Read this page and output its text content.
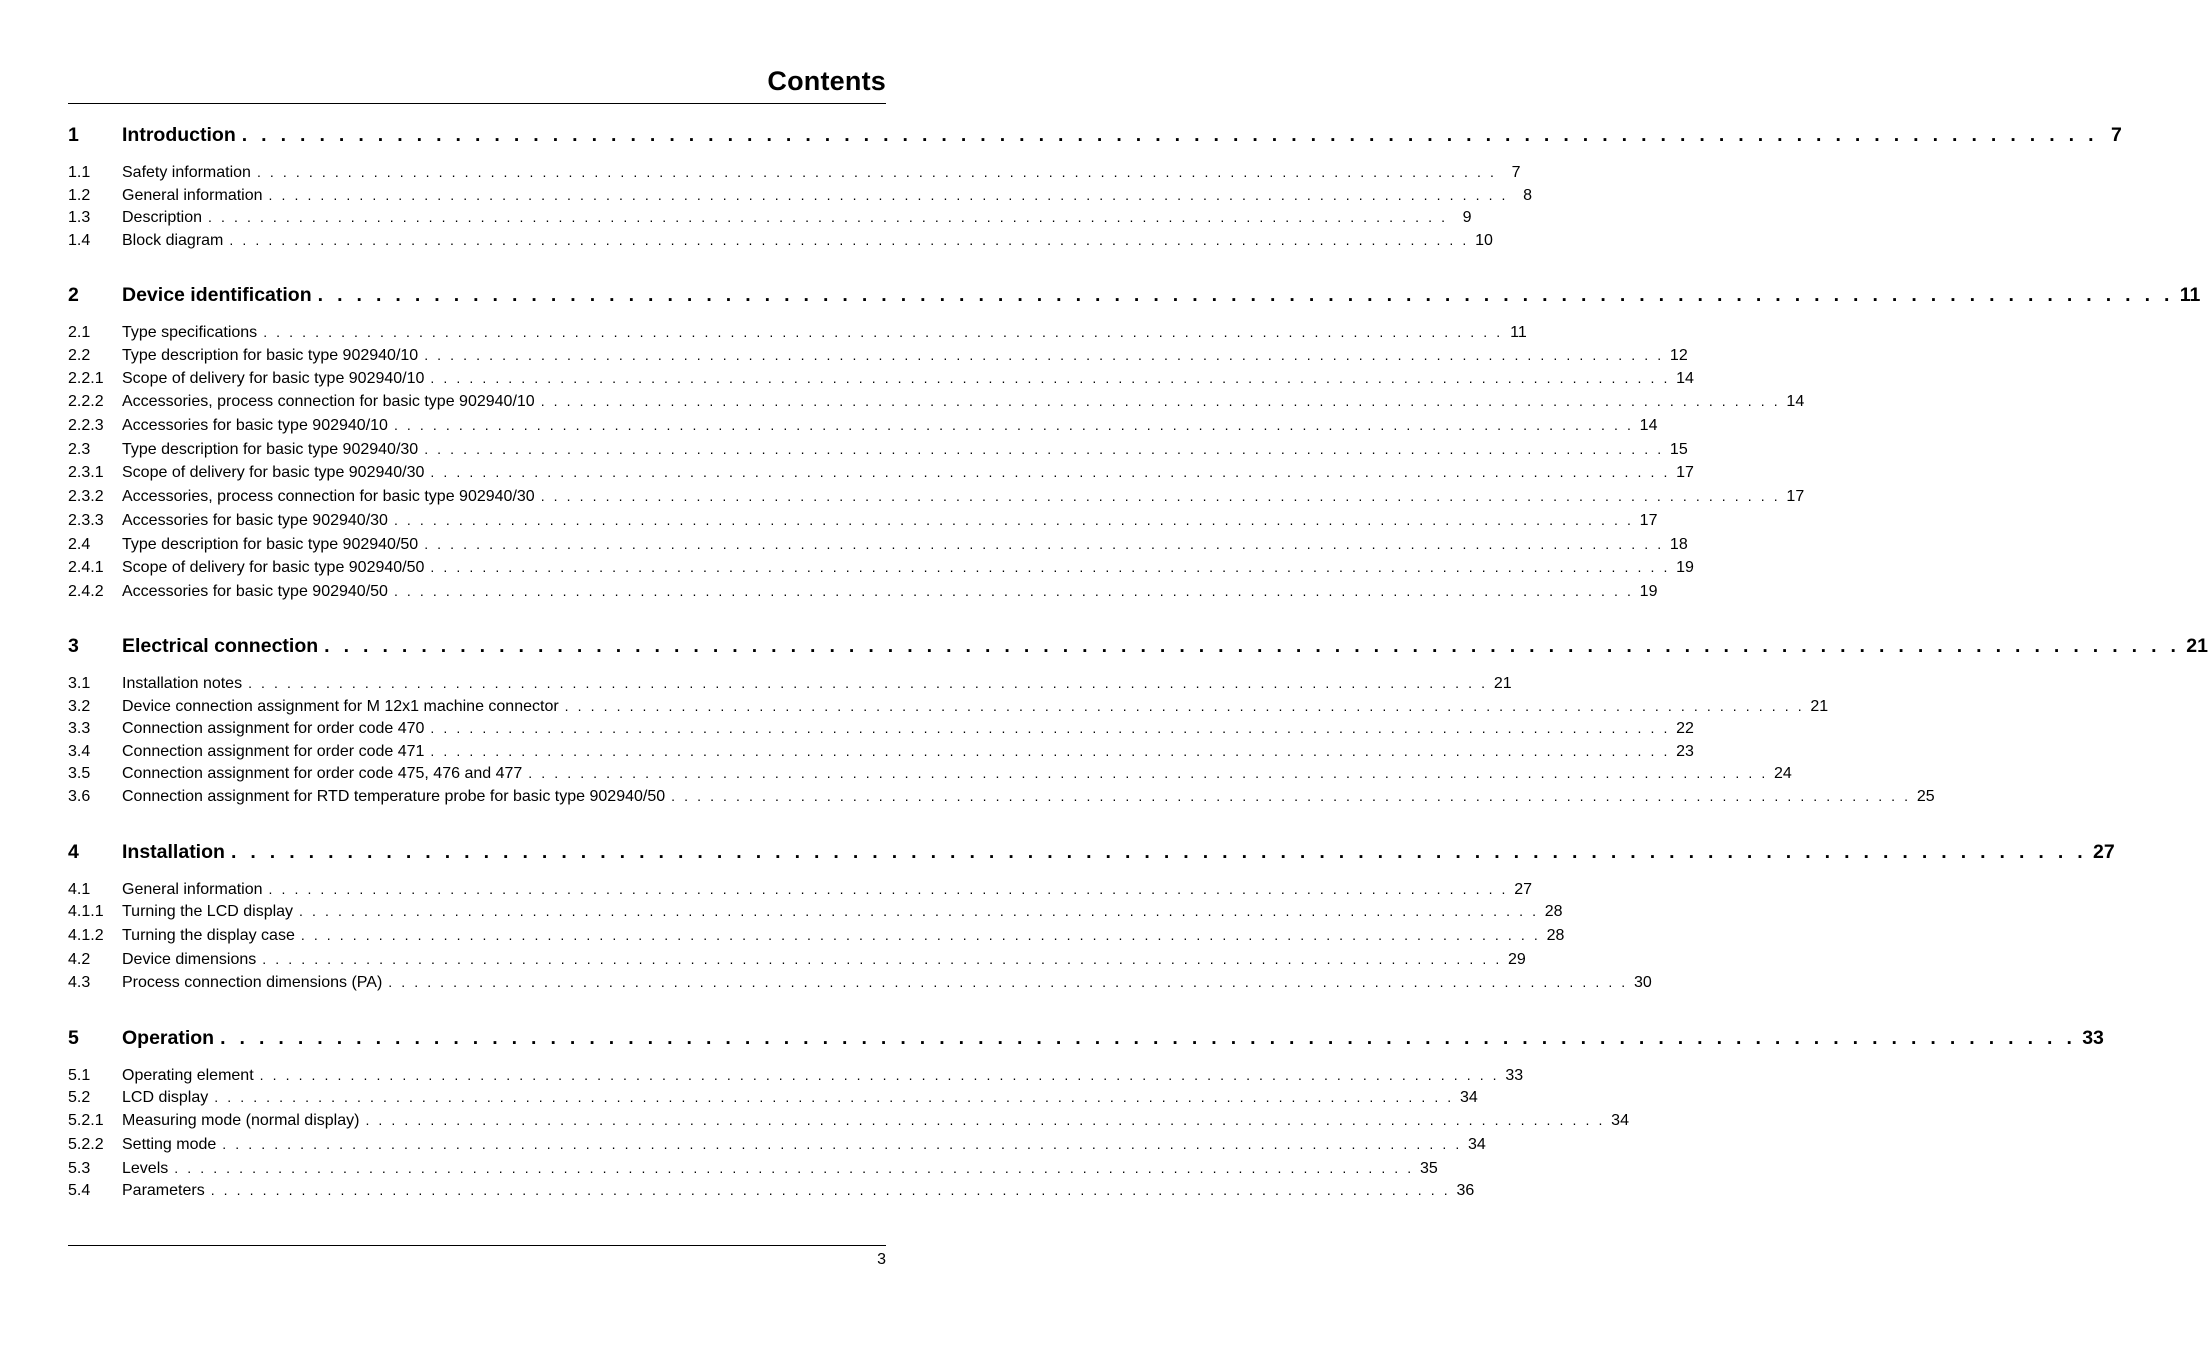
Contents
1	Introduction . . . . . . . . . . . . . . . . . . . . . . . . . . . . . . . . . . . . . . . . . . . . . . . . . . . . . . . . . . . . . . . . . . . . . . . . . . . . . . . . . . . . . . . . . . . . . . . . 7
1.1	Safety information . . . . . . . . . . . . . . . . . . . . . . . . . . . . . . . . . . . . . . . . . . . . . . . . . . . . . . . . . . . . . . . . . . . . . . . . . . . . . . . . . . . . . . . . . . . . . . . . 7
1.2	General information . . . . . . . . . . . . . . . . . . . . . . . . . . . . . . . . . . . . . . . . . . . . . . . . . . . . . . . . . . . . . . . . . . . . . . . . . . . . . . . . . . . . . . . . . . . . . . . . 8
1.3	Description . . . . . . . . . . . . . . . . . . . . . . . . . . . . . . . . . . . . . . . . . . . . . . . . . . . . . . . . . . . . . . . . . . . . . . . . . . . . . . . . . . . . . . . . . . . . . . . . 9
1.4	Block diagram . . . . . . . . . . . . . . . . . . . . . . . . . . . . . . . . . . . . . . . . . . . . . . . . . . . . . . . . . . . . . . . . . . . . . . . . . . . . . . . . . . . . . . . . . . . . . . . . 10
2	Device identification . . . . . . . . . . . . . . . . . . . . . . . . . . . . . . . . . . . . . . . . . . . . . . . . . . . . . . . . . . . . . . . . . . . . . . . . . . . . . . . . . . . . . . . . . . . . . . . . 11
2.1	Type specifications . . . . . . . . . . . . . . . . . . . . . . . . . . . . . . . . . . . . . . . . . . . . . . . . . . . . . . . . . . . . . . . . . . . . . . . . . . . . . . . . . . . . . . . . . . . . . . . . 11
2.2	Type description for basic type 902940/10 . . . . . . . . . . . . . . . . . . . . . . . . . . . . . . . . . . . . . . . . . . . . . . . . . . . . . . . . . . . . . . . . . . . . . . . . . . . . . . . . . . . . . . . . . . . . . . . . 12
2.2.1	Scope of delivery for basic type 902940/10 . . . . . . . . . . . . . . . . . . . . . . . . . . . . . . . . . . . . . . . . . . . . . . . . . . . . . . . . . . . . . . . . . . . . . . . . . . . . . . . . . . . . . . . . . . . . . . . . 14
2.2.2	Accessories, process connection for basic type 902940/10 . . . . . . . . . . . . . . . . . . . . . . . . . . . . . . . . . . . . . . . . . . . . . . . . . . . . . . . . . . . . . . . . . . . . . . . . . . . . . . . . . . . . . . . . . . . . . . . . 14
2.2.3	Accessories for basic type 902940/10 . . . . . . . . . . . . . . . . . . . . . . . . . . . . . . . . . . . . . . . . . . . . . . . . . . . . . . . . . . . . . . . . . . . . . . . . . . . . . . . . . . . . . . . . . . . . . . . . 14
2.3	Type description for basic type 902940/30 . . . . . . . . . . . . . . . . . . . . . . . . . . . . . . . . . . . . . . . . . . . . . . . . . . . . . . . . . . . . . . . . . . . . . . . . . . . . . . . . . . . . . . . . . . . . . . . . 15
2.3.1	Scope of delivery for basic type 902940/30 . . . . . . . . . . . . . . . . . . . . . . . . . . . . . . . . . . . . . . . . . . . . . . . . . . . . . . . . . . . . . . . . . . . . . . . . . . . . . . . . . . . . . . . . . . . . . . . . 17
2.3.2	Accessories, process connection for basic type 902940/30 . . . . . . . . . . . . . . . . . . . . . . . . . . . . . . . . . . . . . . . . . . . . . . . . . . . . . . . . . . . . . . . . . . . . . . . . . . . . . . . . . . . . . . . . . . . . . . . . 17
2.3.3	Accessories for basic type 902940/30 . . . . . . . . . . . . . . . . . . . . . . . . . . . . . . . . . . . . . . . . . . . . . . . . . . . . . . . . . . . . . . . . . . . . . . . . . . . . . . . . . . . . . . . . . . . . . . . . 17
2.4	Type description for basic type 902940/50 . . . . . . . . . . . . . . . . . . . . . . . . . . . . . . . . . . . . . . . . . . . . . . . . . . . . . . . . . . . . . . . . . . . . . . . . . . . . . . . . . . . . . . . . . . . . . . . . 18
2.4.1	Scope of delivery for basic type 902940/50 . . . . . . . . . . . . . . . . . . . . . . . . . . . . . . . . . . . . . . . . . . . . . . . . . . . . . . . . . . . . . . . . . . . . . . . . . . . . . . . . . . . . . . . . . . . . . . . . 19
2.4.2	Accessories for basic type 902940/50 . . . . . . . . . . . . . . . . . . . . . . . . . . . . . . . . . . . . . . . . . . . . . . . . . . . . . . . . . . . . . . . . . . . . . . . . . . . . . . . . . . . . . . . . . . . . . . . . 19
3	Electrical connection . . . . . . . . . . . . . . . . . . . . . . . . . . . . . . . . . . . . . . . . . . . . . . . . . . . . . . . . . . . . . . . . . . . . . . . . . . . . . . . . . . . . . . . . . . . . . . . . 21
3.1	Installation notes . . . . . . . . . . . . . . . . . . . . . . . . . . . . . . . . . . . . . . . . . . . . . . . . . . . . . . . . . . . . . . . . . . . . . . . . . . . . . . . . . . . . . . . . . . . . . . . . 21
3.2	Device connection assignment for M 12x1 machine connector . . . . . . . . . . . . . . . . . . . . . . . . . . . . . . . . . . . . . . . . . . . . . . . . . . . . . . . . . . . . . . . . . . . . . . . . . . . . . . . . . . . . . . . . . . . . . . . . 21
3.3	Connection assignment for order code 470 . . . . . . . . . . . . . . . . . . . . . . . . . . . . . . . . . . . . . . . . . . . . . . . . . . . . . . . . . . . . . . . . . . . . . . . . . . . . . . . . . . . . . . . . . . . . . . . . 22
3.4	Connection assignment for order code 471 . . . . . . . . . . . . . . . . . . . . . . . . . . . . . . . . . . . . . . . . . . . . . . . . . . . . . . . . . . . . . . . . . . . . . . . . . . . . . . . . . . . . . . . . . . . . . . . . 23
3.5	Connection assignment for order code 475, 476 and 477 . . . . . . . . . . . . . . . . . . . . . . . . . . . . . . . . . . . . . . . . . . . . . . . . . . . . . . . . . . . . . . . . . . . . . . . . . . . . . . . . . . . . . . . . . . . . . . . . 24
3.6	Connection assignment for RTD temperature probe for basic type 902940/50 . . . . . . . . . . . . . . . . . . . . . . . . . . . . . . . . . . . . . . . . . . . . . . . . . . . . . . . . . . . . . . . . . . . . . . . . . . . . . . . . . . . . . . . . . . . . . . . . 25
4	Installation . . . . . . . . . . . . . . . . . . . . . . . . . . . . . . . . . . . . . . . . . . . . . . . . . . . . . . . . . . . . . . . . . . . . . . . . . . . . . . . . . . . . . . . . . . . . . . . . 27
4.1	General information . . . . . . . . . . . . . . . . . . . . . . . . . . . . . . . . . . . . . . . . . . . . . . . . . . . . . . . . . . . . . . . . . . . . . . . . . . . . . . . . . . . . . . . . . . . . . . . . 27
4.1.1	Turning the LCD display . . . . . . . . . . . . . . . . . . . . . . . . . . . . . . . . . . . . . . . . . . . . . . . . . . . . . . . . . . . . . . . . . . . . . . . . . . . . . . . . . . . . . . . . . . . . . . . . 28
4.1.2	Turning the display case . . . . . . . . . . . . . . . . . . . . . . . . . . . . . . . . . . . . . . . . . . . . . . . . . . . . . . . . . . . . . . . . . . . . . . . . . . . . . . . . . . . . . . . . . . . . . . . . 28
4.2	Device dimensions . . . . . . . . . . . . . . . . . . . . . . . . . . . . . . . . . . . . . . . . . . . . . . . . . . . . . . . . . . . . . . . . . . . . . . . . . . . . . . . . . . . . . . . . . . . . . . . . 29
4.3	Process connection dimensions (PA) . . . . . . . . . . . . . . . . . . . . . . . . . . . . . . . . . . . . . . . . . . . . . . . . . . . . . . . . . . . . . . . . . . . . . . . . . . . . . . . . . . . . . . . . . . . . . . . . 30
5	Operation . . . . . . . . . . . . . . . . . . . . . . . . . . . . . . . . . . . . . . . . . . . . . . . . . . . . . . . . . . . . . . . . . . . . . . . . . . . . . . . . . . . . . . . . . . . . . . . . 33
5.1	Operating element . . . . . . . . . . . . . . . . . . . . . . . . . . . . . . . . . . . . . . . . . . . . . . . . . . . . . . . . . . . . . . . . . . . . . . . . . . . . . . . . . . . . . . . . . . . . . . . . 33
5.2	LCD display . . . . . . . . . . . . . . . . . . . . . . . . . . . . . . . . . . . . . . . . . . . . . . . . . . . . . . . . . . . . . . . . . . . . . . . . . . . . . . . . . . . . . . . . . . . . . . . . 34
5.2.1	Measuring mode (normal display) . . . . . . . . . . . . . . . . . . . . . . . . . . . . . . . . . . . . . . . . . . . . . . . . . . . . . . . . . . . . . . . . . . . . . . . . . . . . . . . . . . . . . . . . . . . . . . . . 34
5.2.2	Setting mode . . . . . . . . . . . . . . . . . . . . . . . . . . . . . . . . . . . . . . . . . . . . . . . . . . . . . . . . . . . . . . . . . . . . . . . . . . . . . . . . . . . . . . . . . . . . . . . . 34
5.3	Levels . . . . . . . . . . . . . . . . . . . . . . . . . . . . . . . . . . . . . . . . . . . . . . . . . . . . . . . . . . . . . . . . . . . . . . . . . . . . . . . . . . . . . . . . . . . . . . . . 35
5.4	Parameters . . . . . . . . . . . . . . . . . . . . . . . . . . . . . . . . . . . . . . . . . . . . . . . . . . . . . . . . . . . . . . . . . . . . . . . . . . . . . . . . . . . . . . . . . . . . . . . . 36
3
